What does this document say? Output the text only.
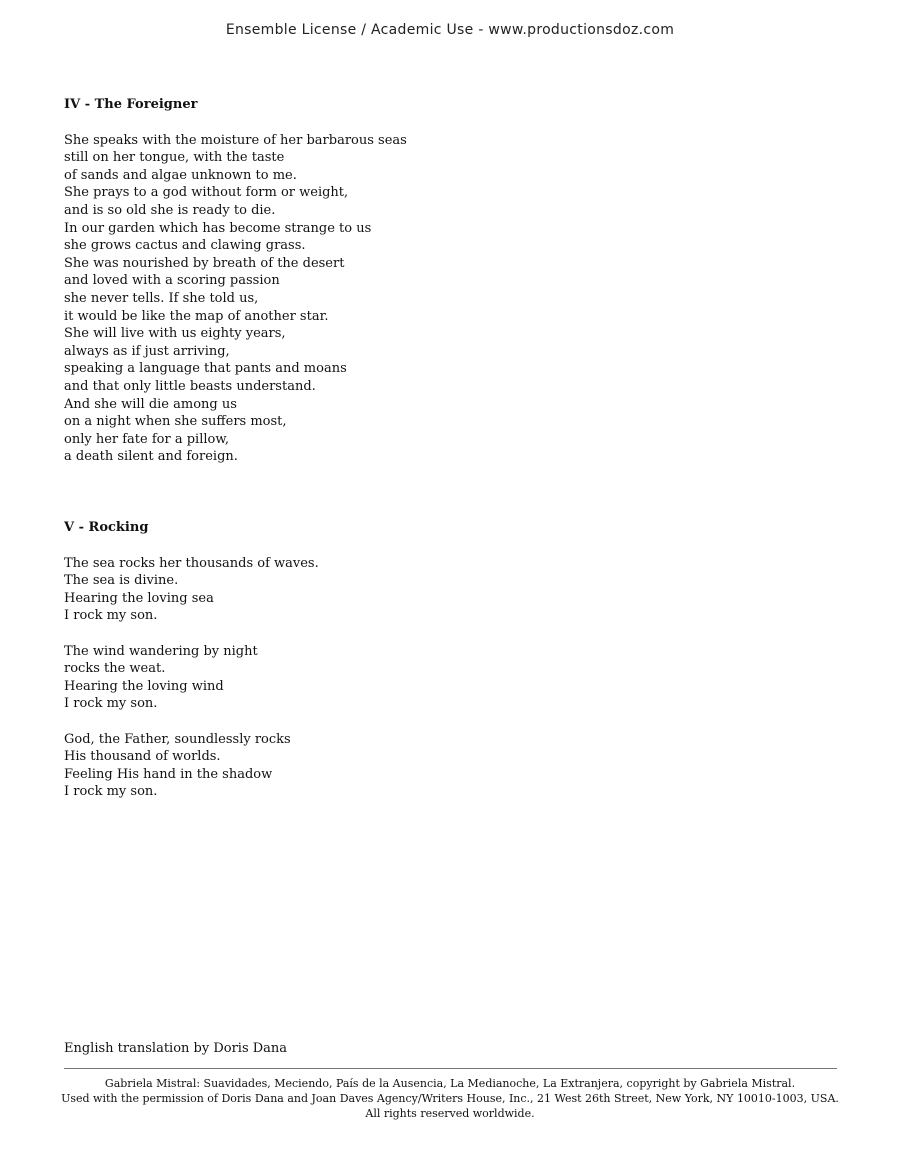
Ensemble License / Academic Use - www.productionsdoz.com

IV - The Foreigner

She speaks with the moisture of her barbarous seas
still on her tongue, with the taste
of sands and algae unknown to me.
She prays to a god without form or weight,
and is so old she is ready to die.
In our garden which has become strange to us
she grows cactus and clawing grass.
She was nourished by breath of the desert
and loved with a scoring passion
she never tells. If she told us,
it would be like the map of another star.
She will live with us eighty years,
always as if just arriving,
speaking a language that pants and moans
and that only little beasts understand.
And she will die among us
on a night when she suffers most,
only her fate for a pillow,
a death silent and foreign.

V - Rocking

The sea rocks her thousands of waves.
The sea is divine.
Hearing the loving sea
I rock my son.
The wind wandering by night
rocks the weat.
Hearing the loving wind
I rock my son.
God, the Father, soundlessly rocks
His thousand of worlds.
Feeling His hand in the shadow
I rock my son.
English translation by Doris Dana
Gabriela Mistral: Suavidades, Meciendo, País de la Ausencia, La Medianoche, La Extranjera, copyright by Gabriela Mistral.
Used with the permission of Doris Dana and Joan Daves Agency/Writers House, Inc., 21 West 26th Street, New York, NY 10010-1003, USA.
All rights reserved worldwide.
